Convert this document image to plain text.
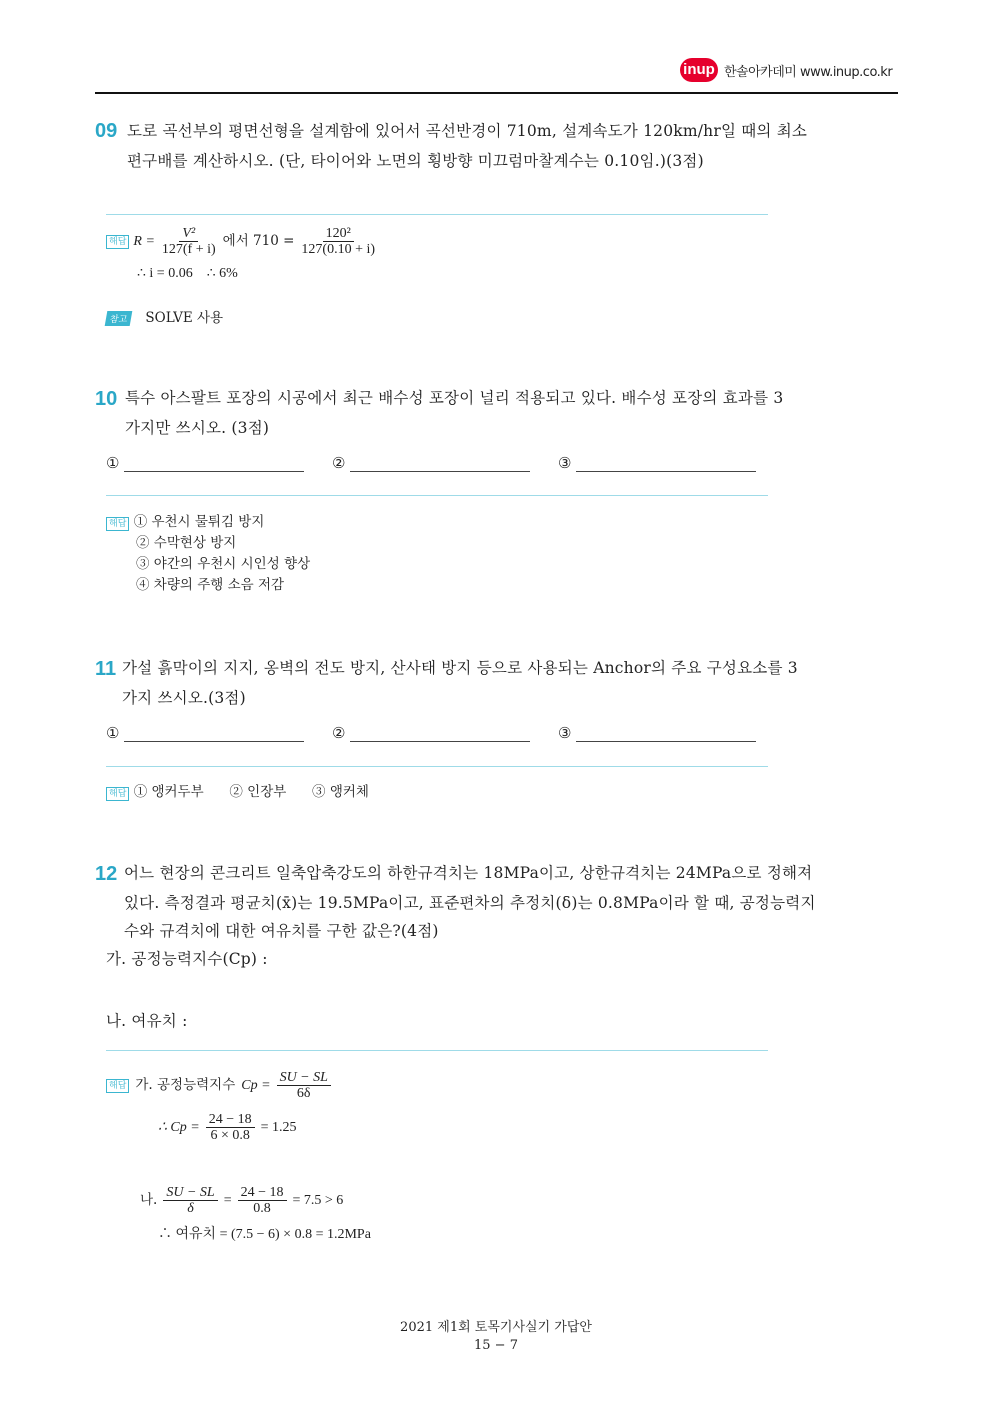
inup 한솔아카데미 www.inup.co.kr
09 도로 곡선부의 평면선형을 설계함에 있어서 곡선반경이 710m, 설계속도가 120km/hr일 때의 최소
편구배를 계산하시오. (단, 타이어와 노면의 횡방향 미끄럼마찰계수는 0.10임.)(3점)
해답 $R = \frac{\text{V²}}{127(f + i)}$ 에서 $710 = \frac{\text{120²}}{127(0.10 + i)}$
∴ i = 0.06    ∴ 6%
참고	SOLVE 사용
10 특수 아스팔트 포장의 시공에서 최근 배수성 포장이 널리 적용되고 있다. 배수성 포장의 효과를 3
가지만 쓰시오. (3점)
①	②	③
해답 ① 우천시 물튀김 방지
② 수막현상 방지
③ 야간의 우천시 시인성 향상
④ 차량의 주행 소음 저감
11 가설 흙막이의 지지, 옹벽의 전도 방지, 산사태 방지 등으로 사용되는 Anchor의 주요 구성요소를 3
가지 쓰시오.(3점)
①	②	③
해답 ① 앵커두부      ② 인장부      ③ 앵커체
12 어느 현장의 콘크리트 일축압축강도의 하한규격치는 18MPa이고, 상한규격치는 24MPa으로 정해져
있다. 측정결과 평균치(x̄)는 19.5MPa이고, 표준편차의 추정치(δ)는 0.8MPa이라 할 때, 공정능력지
수와 규격치에 대한 여유치를 구한 값은?(4점)
가. 공정능력지수(Cp) :
나. 여유치 :
해답 가. 공정능력지수 $Cp = \frac{SU - SL}{6\delta}$
∴ $Cp = \frac{24 - 18}{6 \times 0.8} = 1.25$
나. $\frac{SU - SL}{\delta} = \frac{24 - 18}{0.8} = 7.5 > 6$
∴ 여유치 = (7.5 − 6) × 0.8 = 1.2MPa
2021 제1회 토목기사실기 가답안
15 − 7
